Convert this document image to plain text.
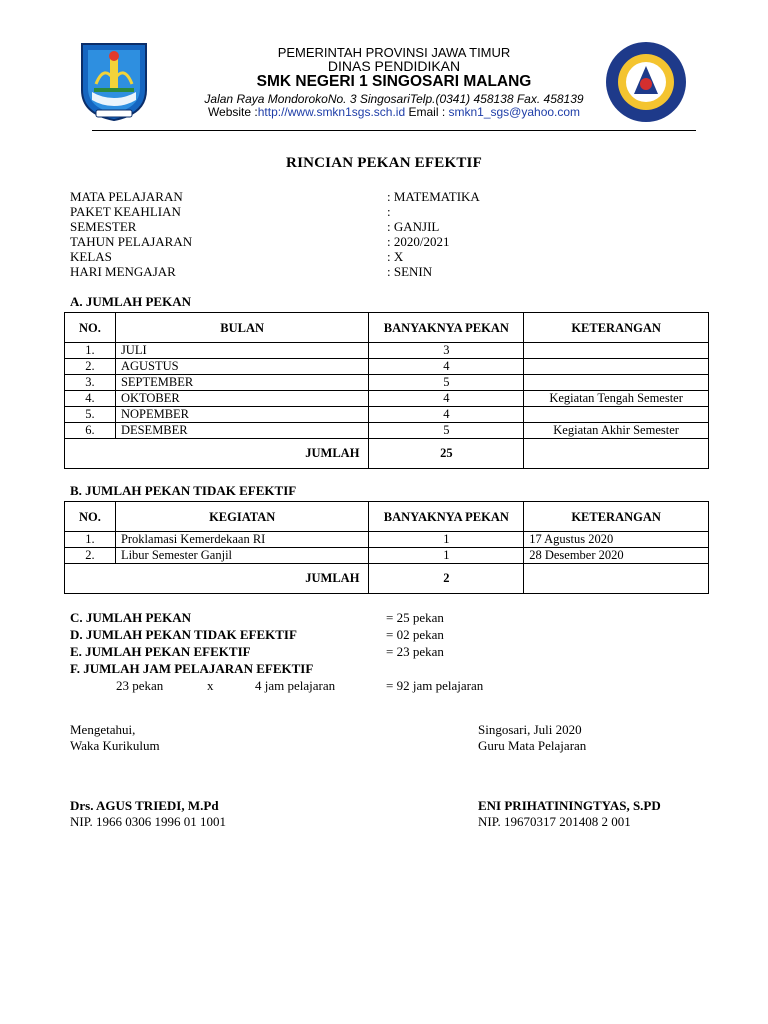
PEMERINTAH PROVINSI JAWA TIMUR
DINAS PENDIDIKAN
SMK NEGERI 1 SINGOSARI MALANG
Jalan Raya MondorokoNo. 3 SingosariTelp.(0341) 458138 Fax. 458139
Website :http://www.smkn1sgs.sch.id Email : smkn1_sgs@yahoo.com
RINCIAN PEKAN EFEKTIF
MATA PELAJARAN	: MATEMATIKA
PAKET KEAHLIAN	:
SEMESTER	: GANJIL
TAHUN PELAJARAN	: 2020/2021
KELAS	: X
HARI MENGAJAR	: SENIN
A. JUMLAH PEKAN
NO.	BULAN	BANYAKNYA PEKAN	KETERANGAN
1.	JULI	3	
2.	AGUSTUS	4	
3.	SEPTEMBER	5	
4.	OKTOBER	4	Kegiatan Tengah Semester
5.	NOPEMBER	4	
6.	DESEMBER	5	Kegiatan Akhir Semester
JUMLAH		25	
B. JUMLAH PEKAN TIDAK EFEKTIF
NO.	KEGIATAN	BANYAKNYA PEKAN	KETERANGAN
1.	Proklamasi Kemerdekaan RI	1	17 Agustus 2020
2.	Libur Semester Ganjil	1	28 Desember 2020
JUMLAH		2	
C. JUMLAH PEKAN	= 25 pekan
D. JUMLAH PEKAN TIDAK EFEKTIF	= 02 pekan
E. JUMLAH PEKAN EFEKTIF	= 23 pekan
F. JUMLAH JAM PELAJARAN EFEKTIF
23 pekan	x	4 jam pelajaran	= 92 jam pelajaran
Mengetahui,
Waka Kurikulum
Drs. AGUS TRIEDI, M.Pd
NIP. 1966 0306 1996 01 1001
Singosari, Juli 2020
Guru Mata Pelajaran
ENI PRIHATININGTYAS, S.PD
NIP. 19670317 201408 2 001
